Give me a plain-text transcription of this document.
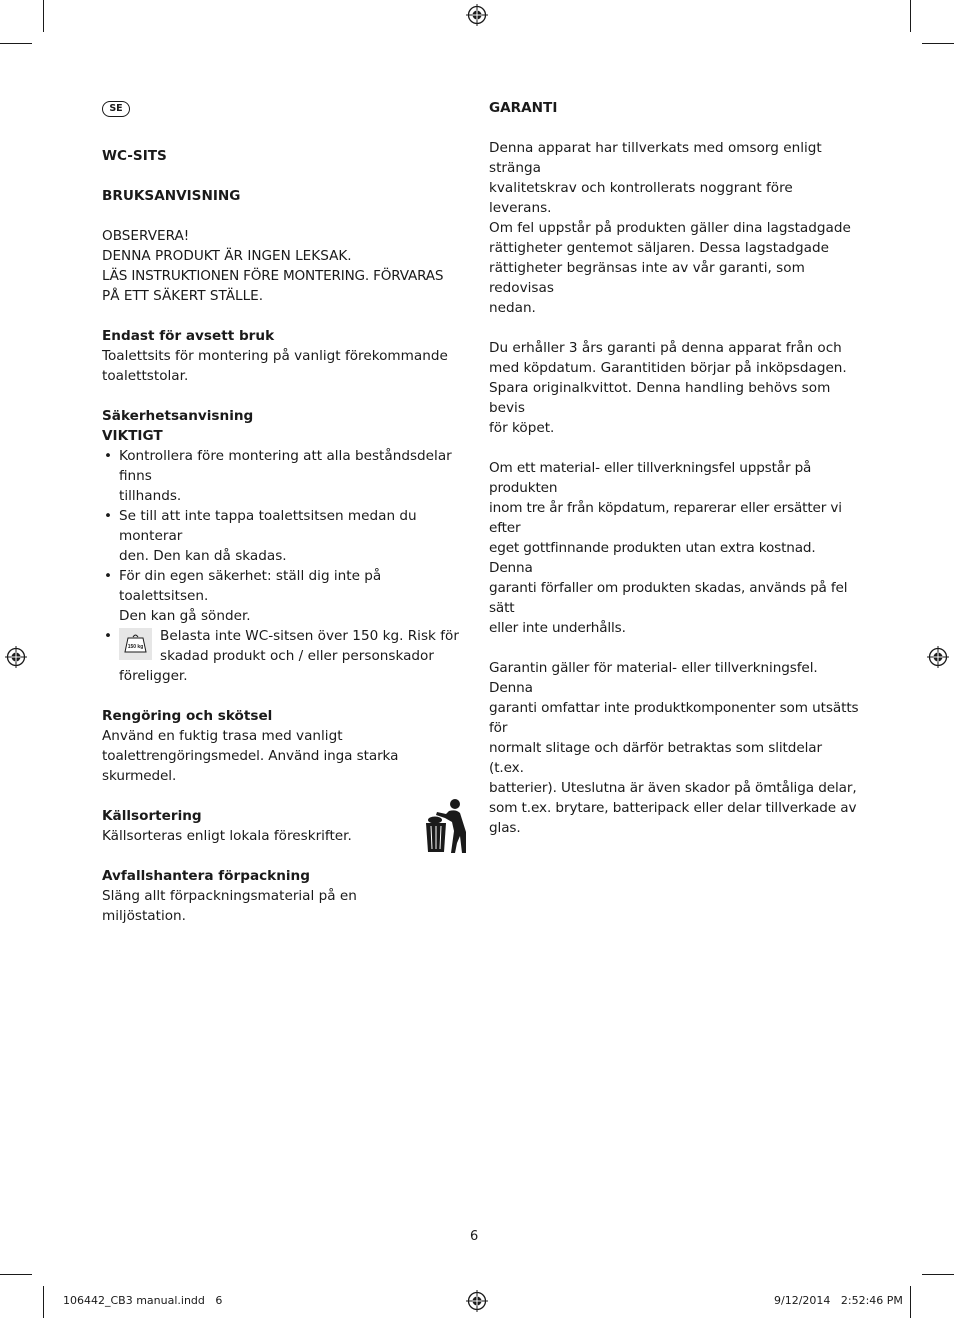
SE

WC-SITS

BRUKSANVISNING

OBSERVERA!

DENNA PRODUKT ÄR INGEN LEKSAK.

LÄS INSTRUKTIONEN FÖRE MONTERING. FÖRVARAS

PÅ ETT SÄKERT STÄLLE.

Endast för avsett bruk

Toalettsits för montering på vanligt förekommande

toalettstolar.

Säkerhetsanvisning

VIKTIGT

• Kontrollera före montering att alla beståndsdelar finns
tillhands.
• Se till att inte tappa toalettsitsen medan du monterar
den. Den kan då skadas.
• För din egen säkerhet: ställ dig inte på toalettsitsen.
Den kan gå sönder.
• 150 kg
Belasta inte WC-sitsen över 150 kg. Risk för
skadad produkt och / eller personskador
föreligger.

Rengöring och skötsel

Använd en fuktig trasa med vanligt

toalettrengöringsmedel. Använd inga starka skurmedel.

Källsortering

Källsorteras enligt lokala föreskrifter.

Avfallshantera förpackning

Släng allt förpackningsmaterial på en

miljöstation.

GARANTI

Denna apparat har tillverkats med omsorg enligt stränga

kvalitetskrav och kontrollerats noggrant före leverans.

Om fel uppstår på produkten gäller dina lagstadgade

rättigheter gentemot säljaren. Dessa lagstadgade

rättigheter begränsas inte av vår garanti, som redovisas

nedan.

Du erhåller 3 års garanti på denna apparat från och

med köpdatum. Garantitiden börjar på inköpsdagen.

Spara originalkvittot. Denna handling behövs som bevis

för köpet.

Om ett material- eller tillverkningsfel uppstår på produkten

inom tre år från köpdatum, reparerar eller ersätter vi efter

eget gottfinnande produkten utan extra kostnad. Denna

garanti förfaller om produkten skadas, används på fel sätt

eller inte underhålls.

Garantin gäller för material- eller tillverkningsfel. Denna

garanti omfattar inte produktkomponenter som utsätts för

normalt slitage och därför betraktas som slitdelar (t.ex.

batterier). Uteslutna är även skador på ömtåliga delar,

som t.ex. brytare, batteripack eller delar tillverkade av

glas.

6
106442_CB3 manual.indd   6	9/12/2014   2:52:46 PM
